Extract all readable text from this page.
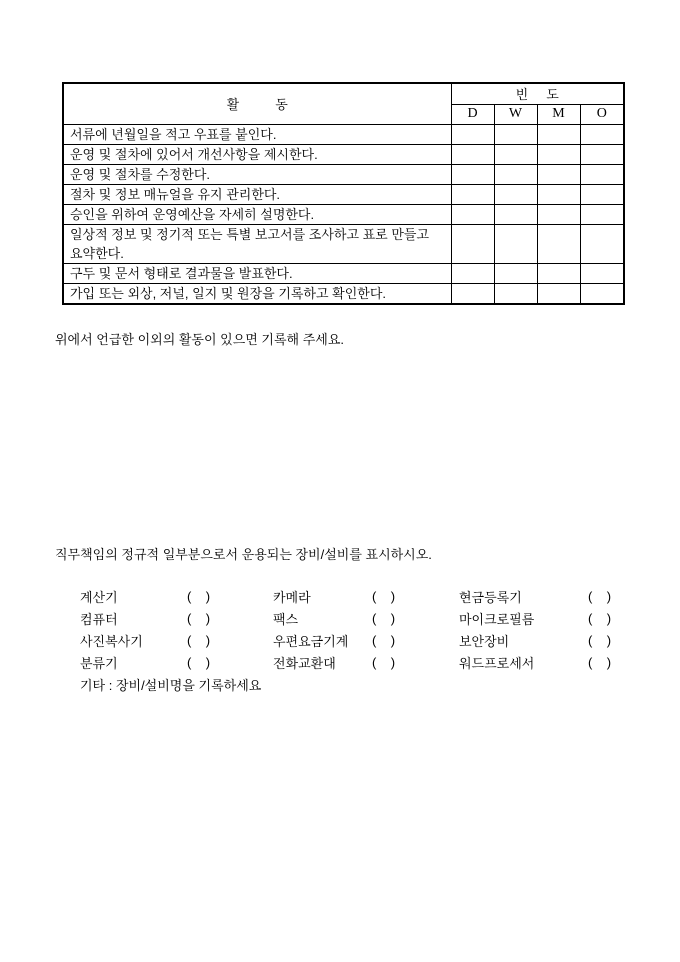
활          동	빈     도			
	D	W	M	O
서류에 년월일을 적고 우표를 붙인다.				
운영 및 절차에 있어서 개선사항을 제시한다.				
운영 및 절차를 수정한다.				
절차 및 정보 매뉴얼을 유지 관리한다.				
승인을 위하여 운영예산을 자세히 설명한다.				
일상적 정보 및 정기적 또는 특별 보고서를 조사하고 표로 만들고 요약한다.				
구두 및 문서 형태로 결과물을 발표한다.				
가입 또는 외상, 저널, 일지 및 원장을 기록하고 확인한다.				

위에서 언급한 이외의 활동이 있으면 기록해 주세요.

직무책임의 정규적 일부분으로서 운용되는 장비/설비를 표시하시오.

계산기	(    )	카메라	(    )	현금등록기	(    )
컴퓨터	(    )	팩스	(    )	마이크로필름	(    )
사진복사기	(    )	우편요금기계	(    )	보안장비	(    )
분류기	(    )	전화교환대	(    )	워드프로세서	(    )

기타 : 장비/설비명을 기록하세요
